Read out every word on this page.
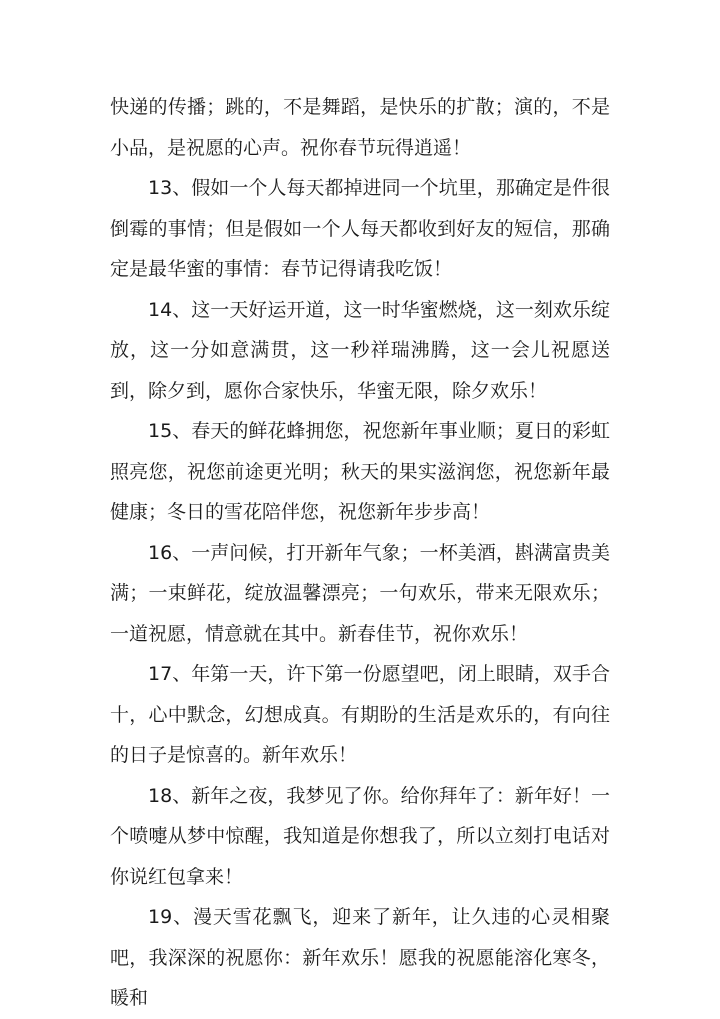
快递的传播；跳的，不是舞蹈，是快乐的扩散；演的，不是小品，是祝愿的心声。祝你春节玩得逍遥！

13、假如一个人每天都掉进同一个坑里，那确定是件很倒霉的事情；但是假如一个人每天都收到好友的短信，那确定是最华蜜的事情：春节记得请我吃饭！

14、这一天好运开道，这一时华蜜燃烧，这一刻欢乐绽放，这一分如意满贯，这一秒祥瑞沸腾，这一会儿祝愿送到，除夕到，愿你合家快乐，华蜜无限，除夕欢乐！

15、春天的鲜花蜂拥您，祝您新年事业顺；夏日的彩虹照亮您，祝您前途更光明；秋天的果实滋润您，祝您新年最健康；冬日的雪花陪伴您，祝您新年步步高！

16、一声问候，打开新年气象；一杯美酒，斟满富贵美满；一束鲜花，绽放温馨漂亮；一句欢乐，带来无限欢乐；一道祝愿，情意就在其中。新春佳节，祝你欢乐！

17、年第一天，许下第一份愿望吧，闭上眼睛，双手合十，心中默念，幻想成真。有期盼的生活是欢乐的，有向往的日子是惊喜的。新年欢乐！

18、新年之夜，我梦见了你。给你拜年了：新年好！一个喷嚏从梦中惊醒，我知道是你想我了，所以立刻打电话对你说红包拿来！

19、漫天雪花飘飞，迎来了新年，让久违的心灵相聚吧，我深深的祝愿你：新年欢乐！愿我的祝愿能溶化寒冬，暖和
